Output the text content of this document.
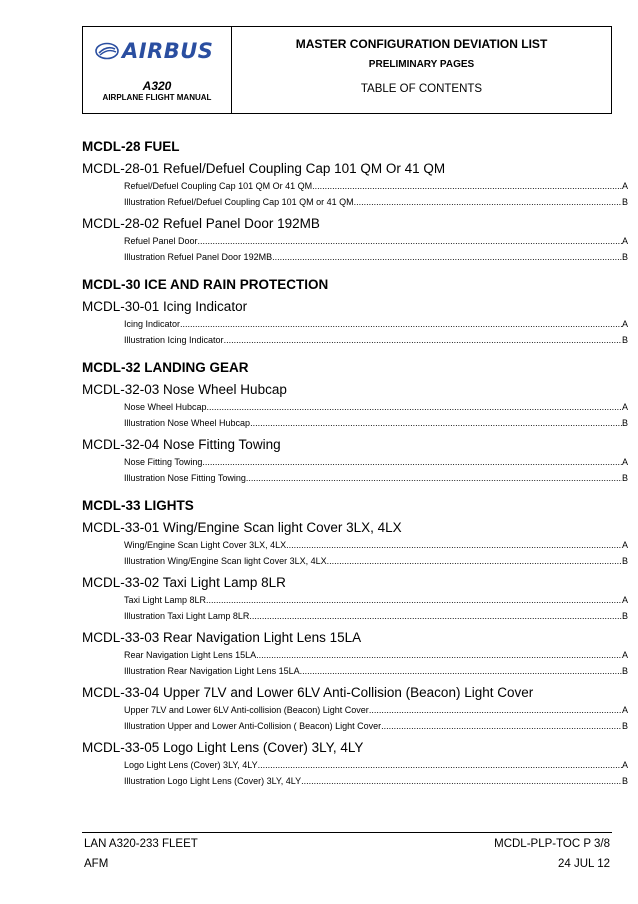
AIRBUS
A320
AIRPLANE FLIGHT MANUAL
MASTER CONFIGURATION DEVIATION LIST
PRELIMINARY PAGES
TABLE OF CONTENTS
MCDL-28 FUEL
MCDL-28-01 Refuel/Defuel Coupling Cap 101 QM Or 41 QM
Refuel/Defuel Coupling Cap 101 QM Or 41 QM .....	A
Illustration Refuel/Defuel Coupling Cap 101 QM or 41 QM .....	B
MCDL-28-02 Refuel Panel Door 192MB
Refuel Panel Door .....	A
Illustration Refuel Panel Door 192MB .....	B
MCDL-30 ICE AND RAIN PROTECTION
MCDL-30-01 Icing Indicator
Icing Indicator .....	A
Illustration Icing Indicator .....	B
MCDL-32 LANDING GEAR
MCDL-32-03 Nose Wheel Hubcap
Nose Wheel Hubcap .....	A
Illustration Nose Wheel Hubcap .....	B
MCDL-32-04 Nose Fitting Towing
Nose Fitting Towing .....	A
Illustration Nose Fitting Towing .....	B
MCDL-33 LIGHTS
MCDL-33-01 Wing/Engine Scan light Cover 3LX, 4LX
Wing/Engine Scan Light Cover 3LX, 4LX .....	A
Illustration Wing/Engine Scan light Cover 3LX, 4LX .....	B
MCDL-33-02 Taxi Light Lamp 8LR
Taxi Light Lamp 8LR .....	A
Illustration Taxi Light Lamp 8LR .....	B
MCDL-33-03 Rear Navigation Light Lens 15LA
Rear Navigation Light Lens 15LA .....	A
Illustration Rear Navigation Light Lens 15LA .....	B
MCDL-33-04 Upper 7LV and Lower 6LV Anti-Collision (Beacon) Light Cover
Upper 7LV and Lower 6LV Anti-collision (Beacon) Light Cover .....	A
Illustration Upper and Lower Anti-Collision ( Beacon) Light Cover .....	B
MCDL-33-05 Logo Light Lens (Cover) 3LY, 4LY
Logo Light Lens (Cover) 3LY, 4LY .....	A
Illustration Logo Light Lens (Cover) 3LY, 4LY .....	B
LAN A320-233 FLEET	MCDL-PLP-TOC P 3/8
AFM	24 JUL 12
